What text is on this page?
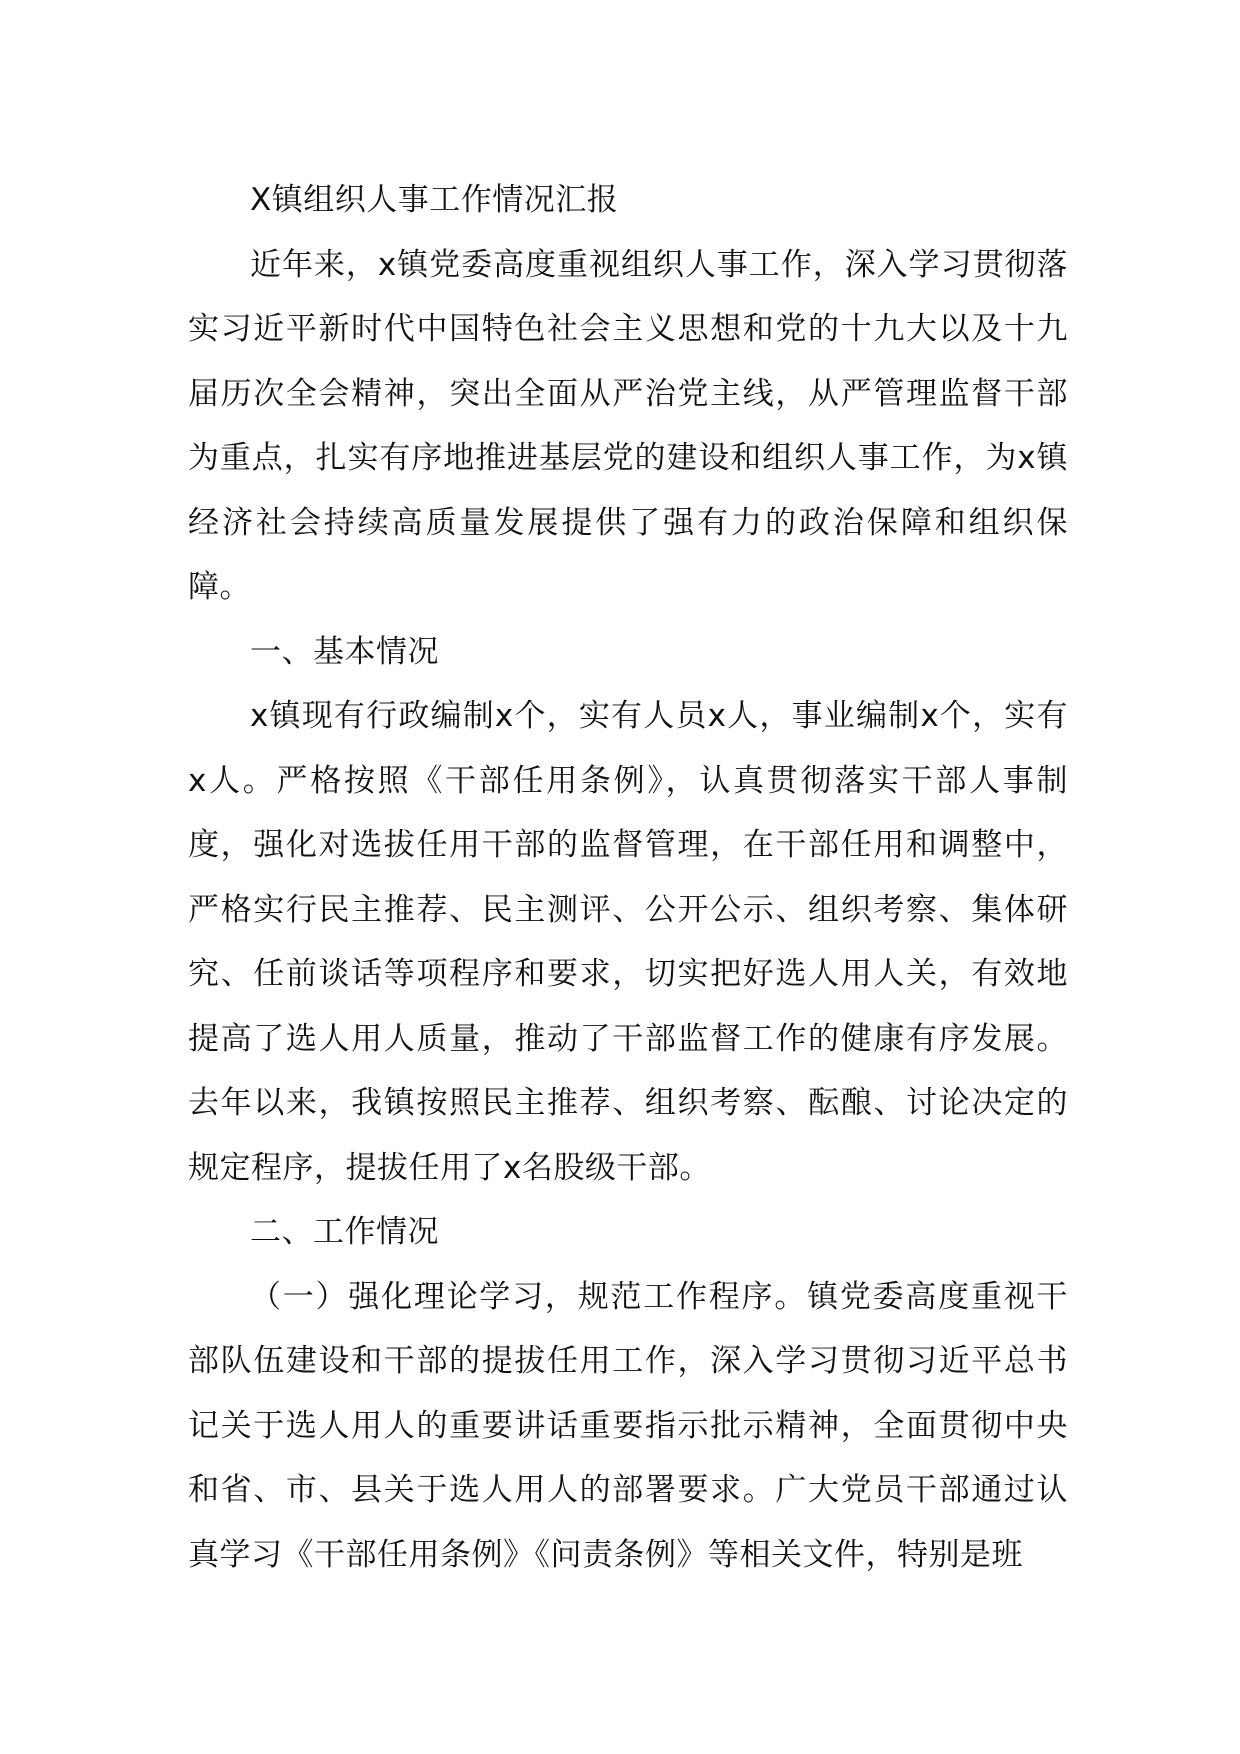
X镇组织人事工作情况汇报

近年来，x镇党委高度重视组织人事工作，深入学习贯彻落实习近平新时代中国特色社会主义思想和党的十九大以及十九届历次全会精神，突出全面从严治党主线，从严管理监督干部为重点，扎实有序地推进基层党的建设和组织人事工作，为x镇经济社会持续高质量发展提供了强有力的政治保障和组织保障。

一、基本情况

x镇现有行政编制x个，实有人员x人，事业编制x个，实有x人。严格按照《干部任用条例》，认真贯彻落实干部人事制度，强化对选拔任用干部的监督管理，在干部任用和调整中，严格实行民主推荐、民主测评、公开公示、组织考察、集体研究、任前谈话等项程序和要求，切实把好选人用人关，有效地提高了选人用人质量，推动了干部监督工作的健康有序发展。去年以来，我镇按照民主推荐、组织考察、酝酿、讨论决定的规定程序，提拔任用了x名股级干部。

二、工作情况

（一）强化理论学习，规范工作程序。镇党委高度重视干部队伍建设和干部的提拔任用工作，深入学习贯彻习近平总书记关于选人用人的重要讲话重要指示批示精神，全面贯彻中央和省、市、县关于选人用人的部署要求。广大党员干部通过认真学习《干部任用条例》《问责条例》等相关文件，特别是班
